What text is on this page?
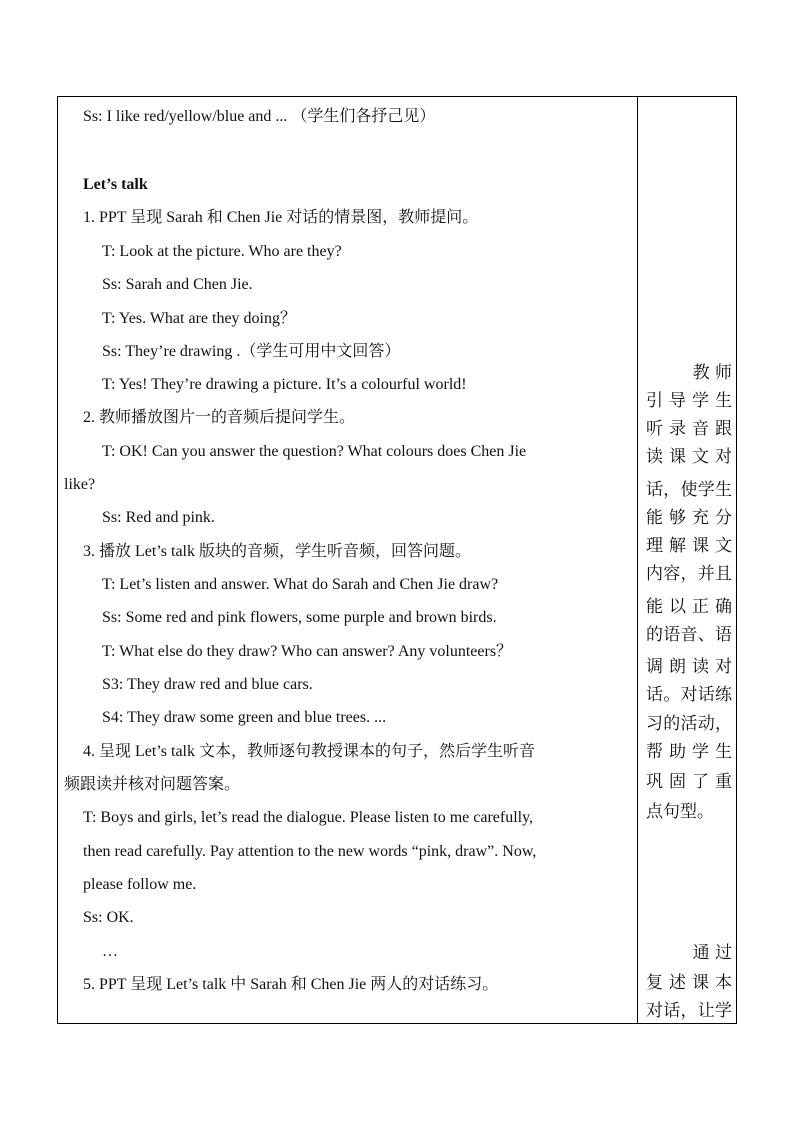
Ss: I like red/yellow/blue and ... （学生们各抒己见）
Let’s talk
1. PPT 呈现 Sarah 和 Chen Jie 对话的情景图，教师提问。
T: Look at the picture. Who are they?
Ss: Sarah and Chen Jie.
T: Yes. What are they doing？
Ss: They’re drawing .（学生可用中文回答）
T: Yes! They’re drawing a picture. It’s a colourful world!
2. 教师播放图片一的音频后提问学生。
T: OK! Can you answer the question? What colours does Chen Jie
like?
Ss: Red and pink.
3. 播放 Let’s talk 版块的音频，学生听音频，回答问题。
T: Let’s listen and answer. What do Sarah and Chen Jie draw?
Ss: Some red and pink flowers, some purple and brown birds.
T: What else do they draw? Who can answer? Any volunteers？
S3: They draw red and blue cars.
S4: They draw some green and blue trees. ...
4. 呈现 Let’s talk 文本，教师逐句教授课本的句子，然后学生听音
频跟读并核对问题答案。
T: Boys and girls, let’s read the dialogue. Please listen to me carefully,
then read carefully. Pay attention to the new words “pink, draw”. Now,
please follow me.
Ss: OK.
…
5. PPT 呈现 Let’s talk 中 Sarah 和 Chen Jie 两人的对话练习。
教 师
引导学生
听录音跟
读课文对
话，使学生
能够充分
理解课文
内容，并且
能以正确
的语音、语
调朗读对
话。对话练
习的活动，
帮助学生
巩固了重
点句型。
通 过
复述课本
对话，让学
